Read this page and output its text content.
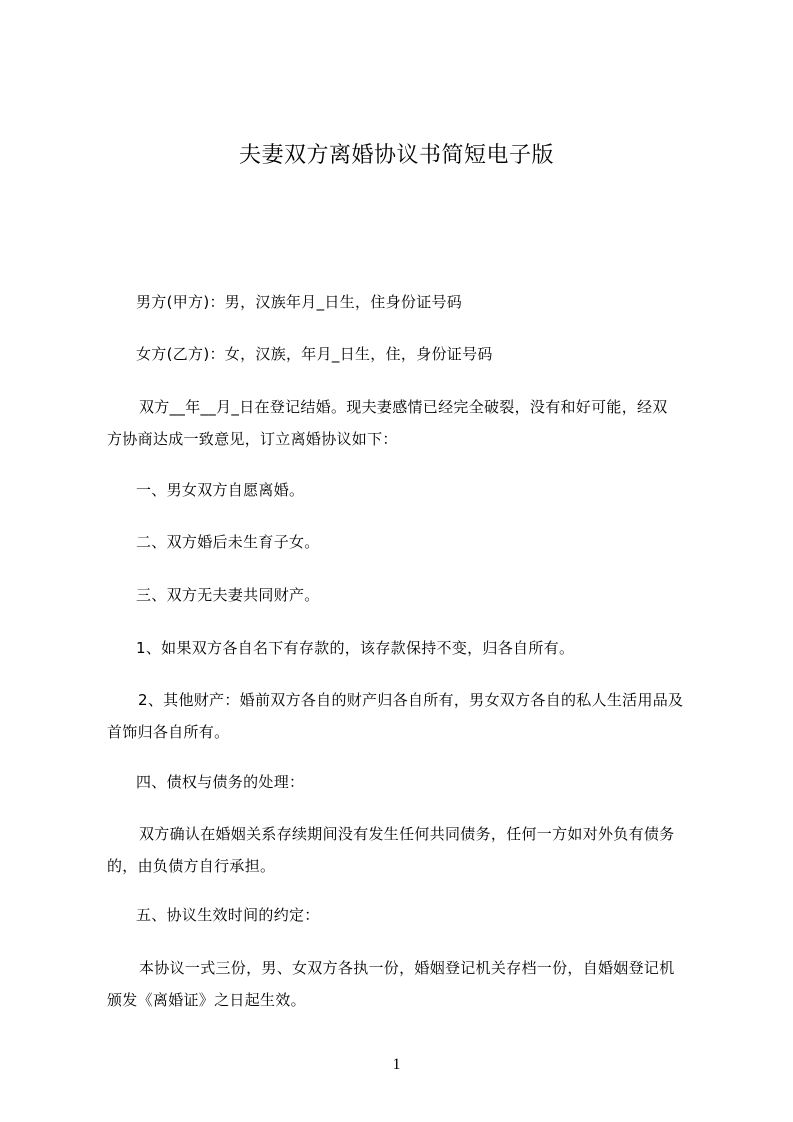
夫妻双方离婚协议书简短电子版
男方(甲方)：男，汉族年月_日生，住身份证号码
女方(乙方)：女，汉族，年月_日生，住，身份证号码
双方__年__月_日在登记结婚。现夫妻感情已经完全破裂，没有和好可能，经双
方协商达成一致意见，订立离婚协议如下：
一、男女双方自愿离婚。
二、双方婚后未生育子女。
三、双方无夫妻共同财产。
1、如果双方各自名下有存款的，该存款保持不变，归各自所有。
2、其他财产：婚前双方各自的财产归各自所有，男女双方各自的私人生活用品及
首饰归各自所有。
四、债权与债务的处理：
双方确认在婚姻关系存续期间没有发生任何共同债务，任何一方如对外负有债务
的，由负债方自行承担。
五、协议生效时间的约定：
本协议一式三份，男、女双方各执一份，婚姻登记机关存档一份，自婚姻登记机
颁发《离婚证》之日起生效。
1
